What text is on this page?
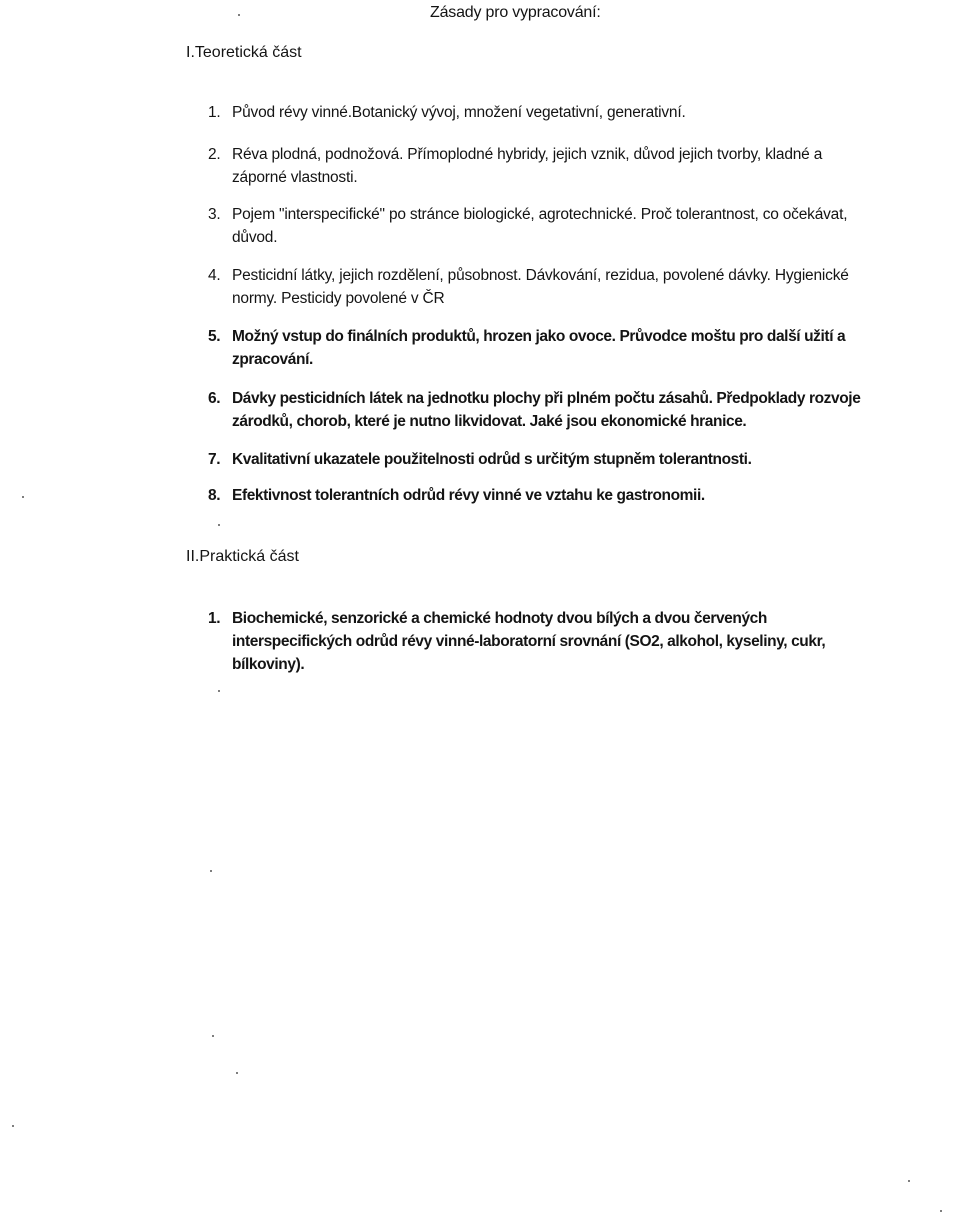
Zásady pro vypracování:
I.Teoretická část
1. Původ révy vinné.Botanický vývoj, množení vegetativní, generativní.
2. Réva plodná, podnožová. Přímoplodné hybridy, jejich vznik, důvod jejich tvorby, kladné a záporné vlastnosti.
3. Pojem "interspecifické" po stránce biologické, agrotechnické. Proč tolerantnost, co očekávat, důvod.
4. Pesticidní látky, jejich rozdělení, působnost. Dávkování, rezidua, povolené dávky. Hygienické normy. Pesticidy povolené v ČR
5. Možný vstup do finálních produktů, hrozen jako ovoce. Průvodce moštu pro další užití a zpracování.
6. Dávky pesticidních látek na jednotku plochy při plném počtu zásahů. Předpoklady rozvoje zárodků, chorob, které je nutno likvidovat. Jaké jsou ekonomické hranice.
7. Kvalitativní ukazatele použitelnosti odrůd s určitým stupněm tolerantnosti.
8. Efektivnost tolerantních odrůd révy vinné ve vztahu ke gastronomii.
II.Praktická část
1. Biochemické, senzorické a chemické hodnoty dvou bílých a dvou červených interspecifických odrůd révy vinné-laboratorní srovnání (SO2, alkohol, kyseliny, cukr, bílkoviny).
